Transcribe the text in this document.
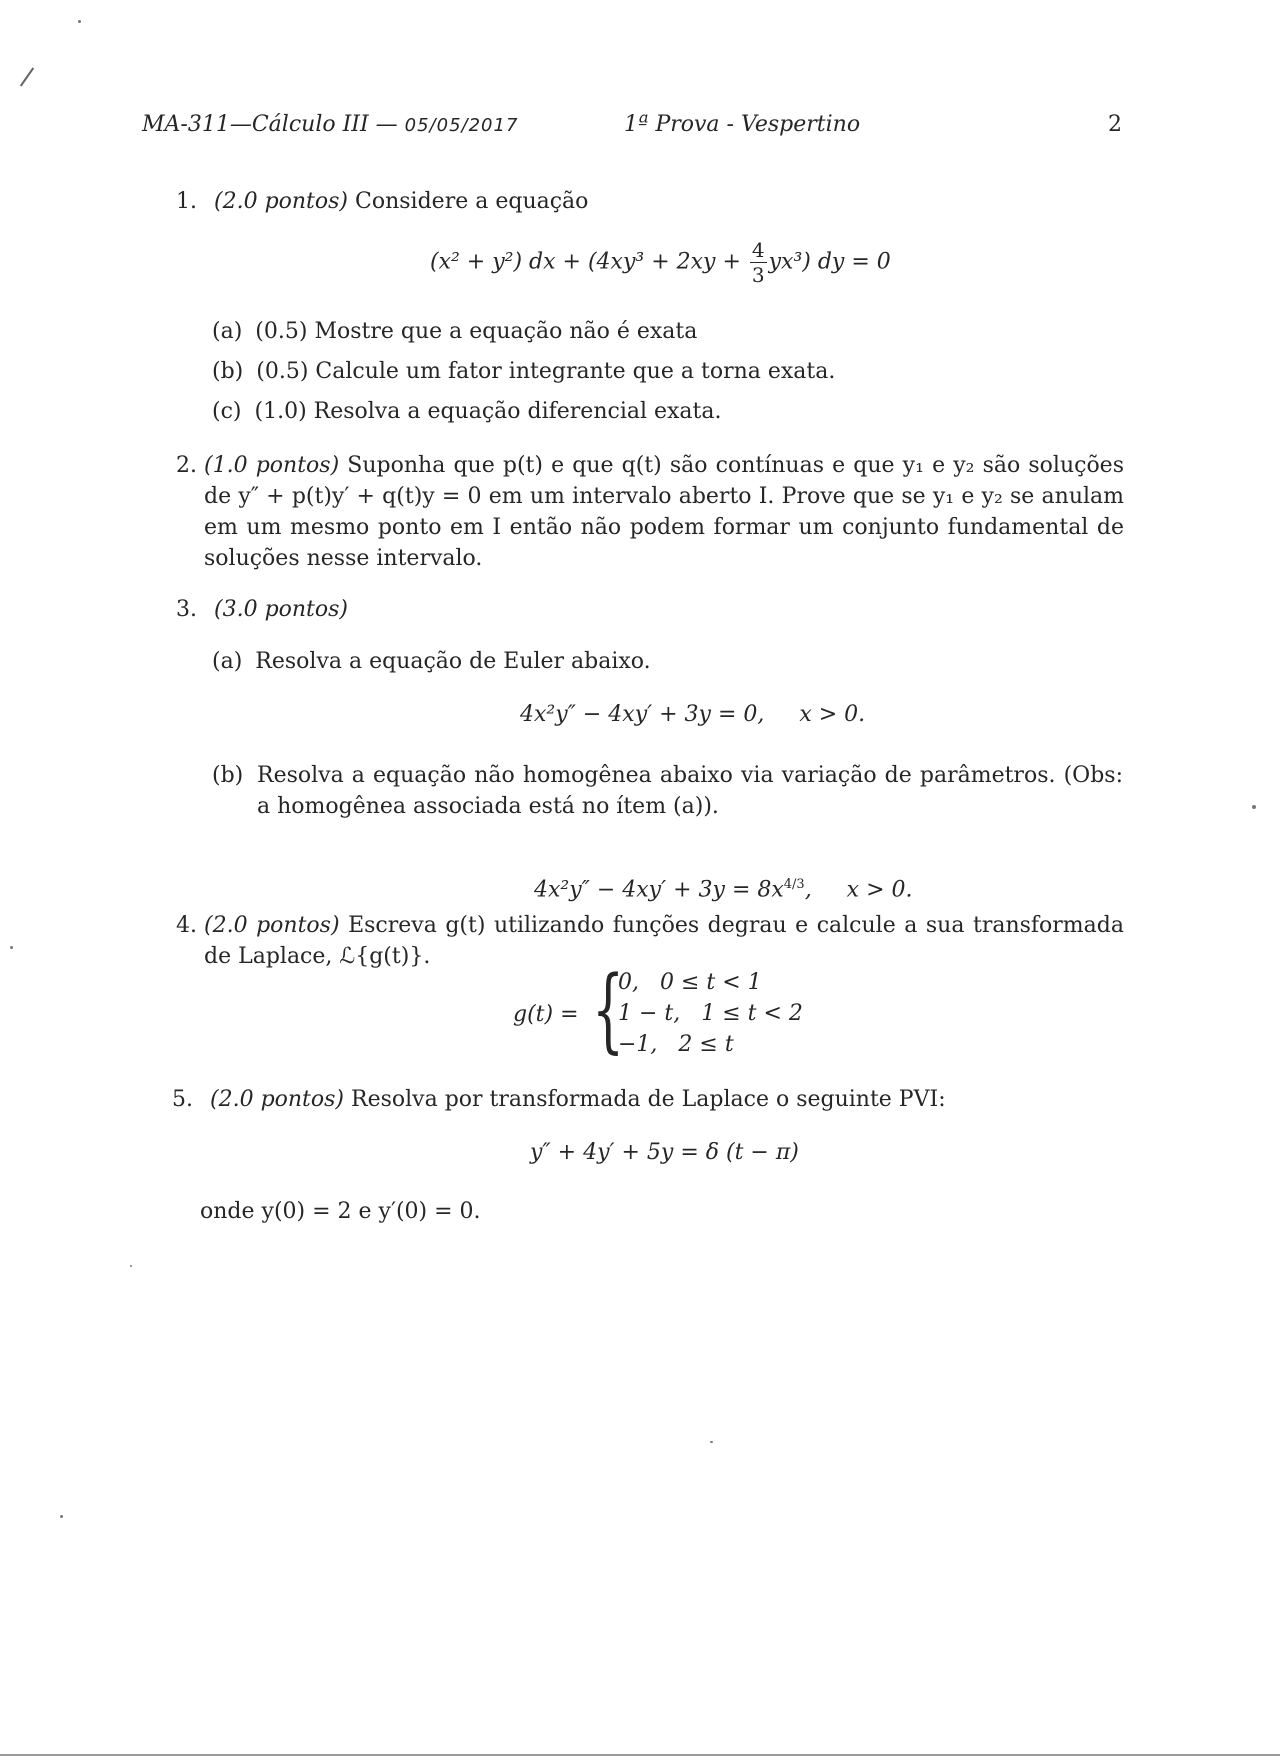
MA-311—Cálculo III — 05/05/2017	1ª Prova - Vespertino	2
1. (2.0 pontos) Considere a equação
(x² + y²) dx + $(4xy^3 + 2xy + \frac{4}{3} yx^3)$ dy = 0
(a) (0.5) Mostre que a equação não é exata
(b) (0.5) Calcule um fator integrante que a torna exata.
(c) (1.0) Resolva a equação diferencial exata.
2. (1.0 pontos) Suponha que p(t) e que q(t) são contínuas e que y₁ e y₂ são soluções de y″ + p(t)y′ + q(t)y = 0 em um intervalo aberto I. Prove que se y₁ e y₂ se anulam em um mesmo ponto em I então não podem formar um conjunto fundamental de soluções nesse intervalo.
3. (3.0 pontos)
(a) Resolva a equação de Euler abaixo.
4x²y″ − 4xy′ + 3y = 0,     x > 0.
(b) Resolva a equação não homogênea abaixo via variação de parâmetros. (Obs: a homogênea associada está no ítem (a)).

$4x^2y'' - 4xy' + 3y = 8x^{4/3}$,     x > 0.

4. (2.0 pontos) Escreva g(t) utilizando funções degrau e calcule a sua transformada de Laplace, ℒ{g(t)}.
g(t) = {
0,   0 ≤ t < 1
1 − t,   1 ≤ t < 2
−1,   2 ≤ t
5. (2.0 pontos) Resolva por transformada de Laplace o seguinte PVI:
y″ + 4y′ + 5y = δ (t − π)
onde y(0) = 2 e y′(0) = 0.
